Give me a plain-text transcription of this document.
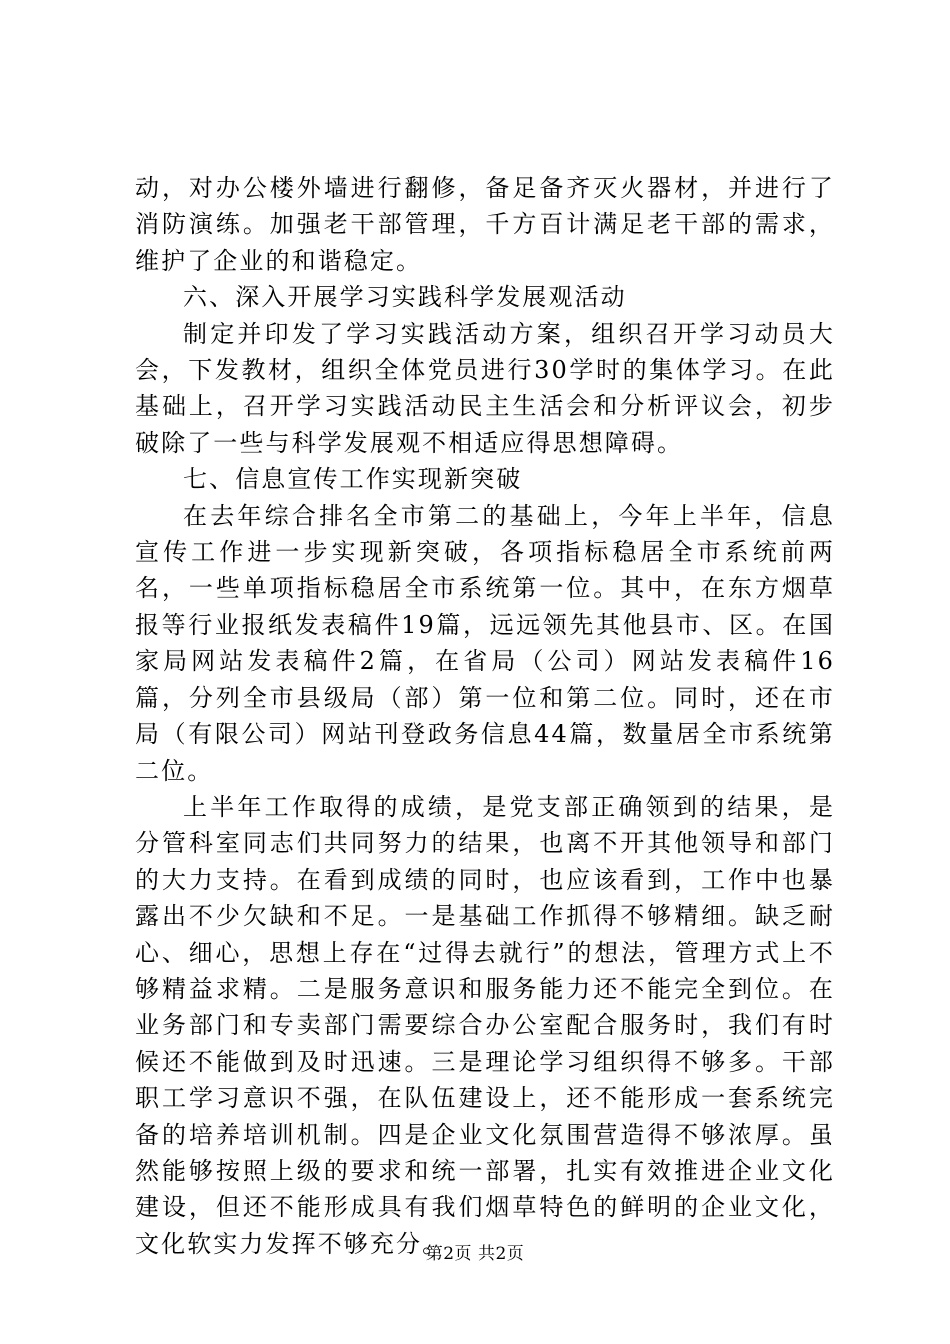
动，对办公楼外墙进行翻修，备足备齐灭火器材，并进行了消防演练。加强老干部管理，千方百计满足老干部的需求，维护了企业的和谐稳定。

六、深入开展学习实践科学发展观活动

制定并印发了学习实践活动方案，组织召开学习动员大会，下发教材，组织全体党员进行30学时的集体学习。在此基础上，召开学习实践活动民主生活会和分析评议会，初步破除了一些与科学发展观不相适应得思想障碍。

七、信息宣传工作实现新突破

在去年综合排名全市第二的基础上，今年上半年，信息宣传工作进一步实现新突破，各项指标稳居全市系统前两名，一些单项指标稳居全市系统第一位。其中，在东方烟草报等行业报纸发表稿件19篇，远远领先其他县市、区。在国家局网站发表稿件2篇，在省局（公司）网站发表稿件16篇，分列全市县级局（部）第一位和第二位。同时，还在市局（有限公司）网站刊登政务信息44篇，数量居全市系统第二位。

上半年工作取得的成绩，是党支部正确领到的结果，是分管科室同志们共同努力的结果，也离不开其他领导和部门的大力支持。在看到成绩的同时，也应该看到，工作中也暴露出不少欠缺和不足。一是基础工作抓得不够精细。缺乏耐心、细心，思想上存在“过得去就行”的想法，管理方式上不够精益求精。二是服务意识和服务能力还不能完全到位。在业务部门和专卖部门需要综合办公室配合服务时，我们有时候还不能做到及时迅速。三是理论学习组织得不够多。干部职工学习意识不强，在队伍建设上，还不能形成一套系统完备的培养培训机制。四是企业文化氛围营造得不够浓厚。虽然能够按照上级的要求和统一部署，扎实有效推进企业文化建设，但还不能形成具有我们烟草特色的鲜明的企业文化，文化软实力发挥不够充分。

第2页 共2页
